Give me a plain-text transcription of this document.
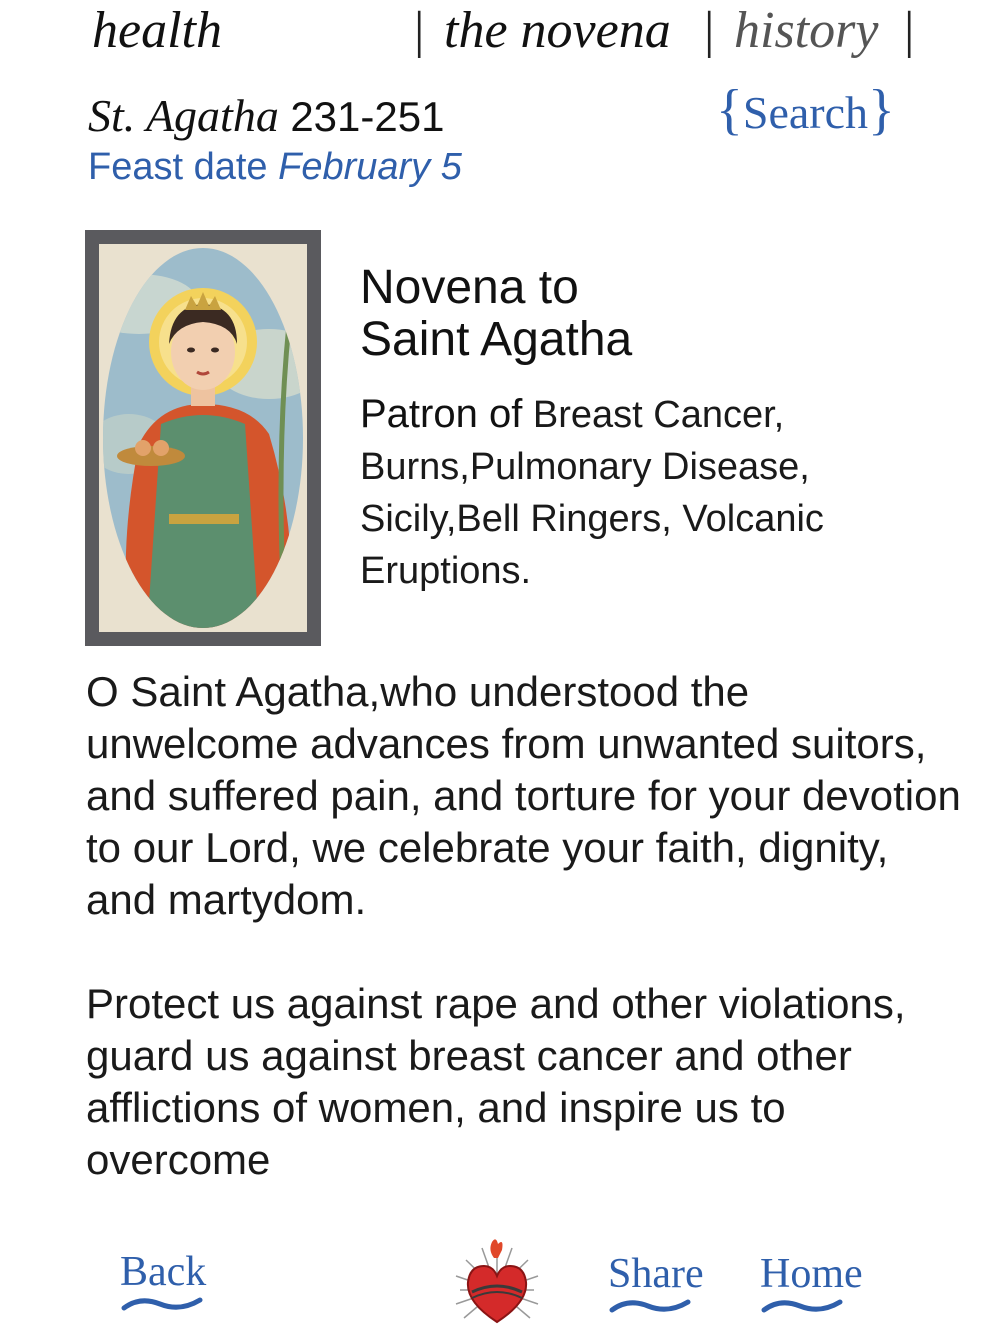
health	| the novena | history |
St. Agatha 231-251
Feast date February 5
{Search}
Novena to
Saint Agatha
Patron of Breast Cancer, Burns,Pulmonary Disease, Sicily,Bell Ringers, Volcanic Eruptions.

O Saint Agatha,who understood the unwelcome advances from unwanted suitors, and suffered pain, and torture for your devotion to our Lord, we celebrate your faith, dignity, and martydom.

Protect us against rape and other violations, guard us against breast cancer and other afflictions of women, and inspire us to overcome

Back	Share Home
